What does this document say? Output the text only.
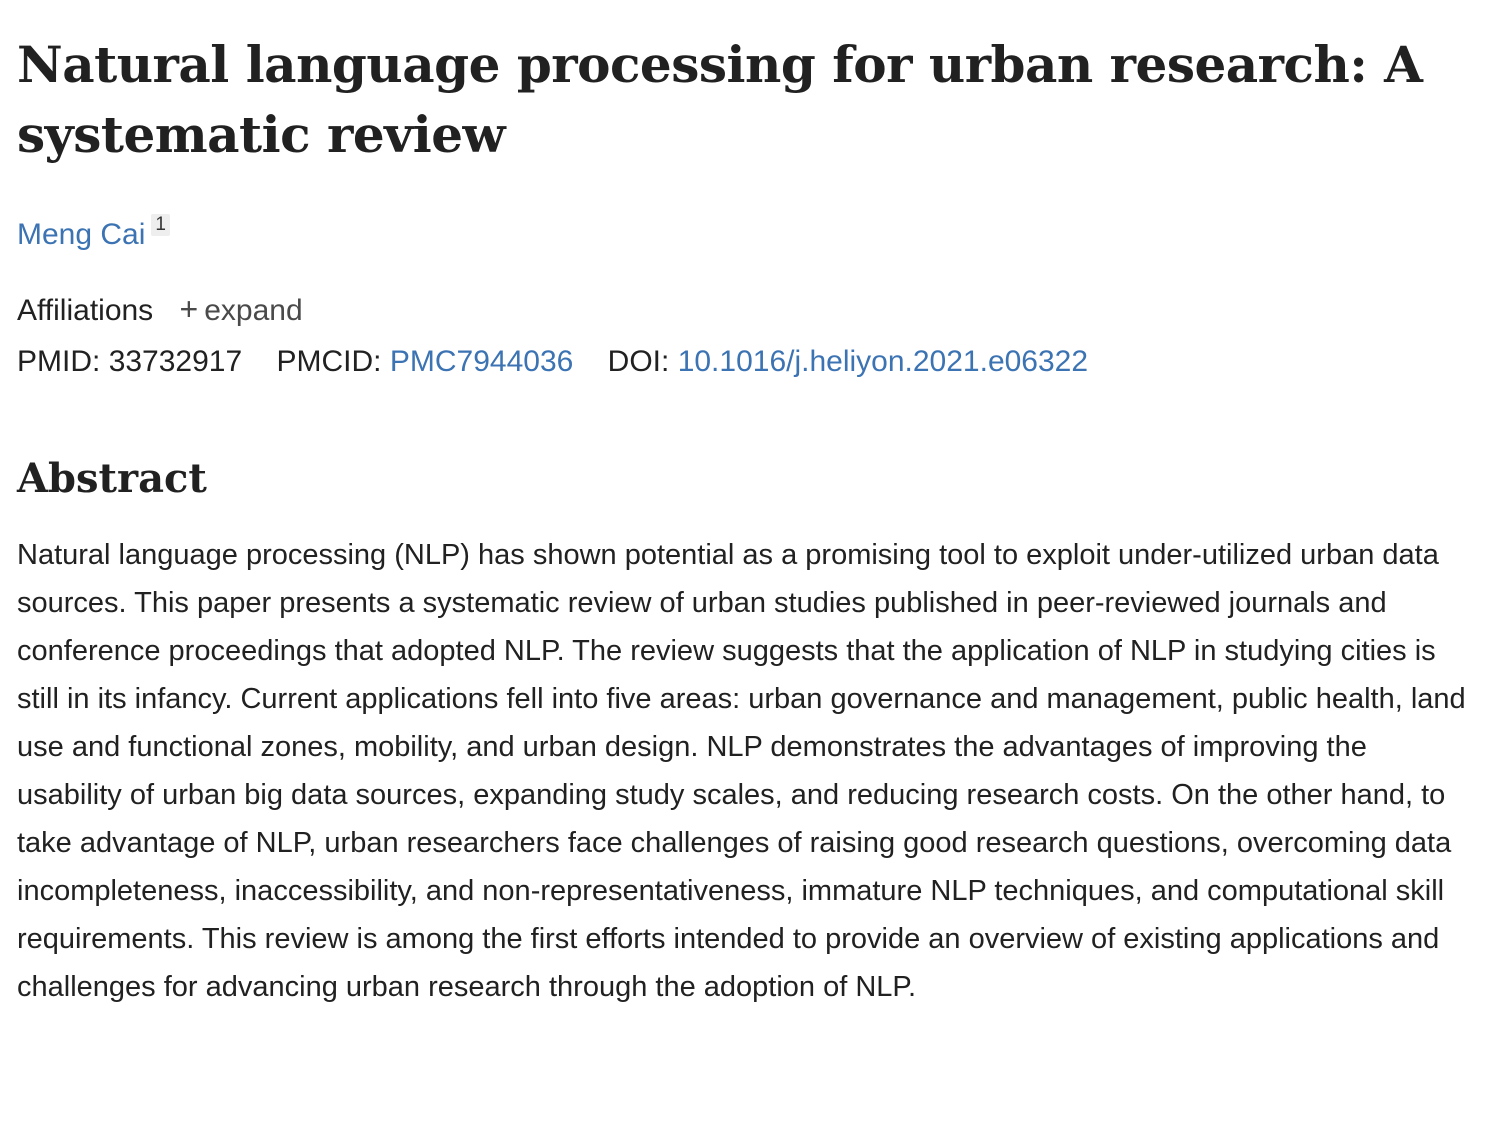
Natural language processing for urban research: A systematic review
Meng Cai 1
Affiliations + expand
PMID: 33732917 PMCID: PMC7944036 DOI: 10.1016/j.heliyon.2021.e06322
Abstract

Natural language processing (NLP) has shown potential as a promising tool to exploit under-utilized urban data sources. This paper presents a systematic review of urban studies published in peer-reviewed journals and conference proceedings that adopted NLP. The review suggests that the application of NLP in studying cities is still in its infancy. Current applications fell into five areas: urban governance and management, public health, land use and functional zones, mobility, and urban design. NLP demonstrates the advantages of improving the usability of urban big data sources, expanding study scales, and reducing research costs. On the other hand, to take advantage of NLP, urban researchers face challenges of raising good research questions, overcoming data incompleteness, inaccessibility, and non-representativeness, immature NLP techniques, and computational skill requirements. This review is among the first efforts intended to provide an overview of existing applications and challenges for advancing urban research through the adoption of NLP.
